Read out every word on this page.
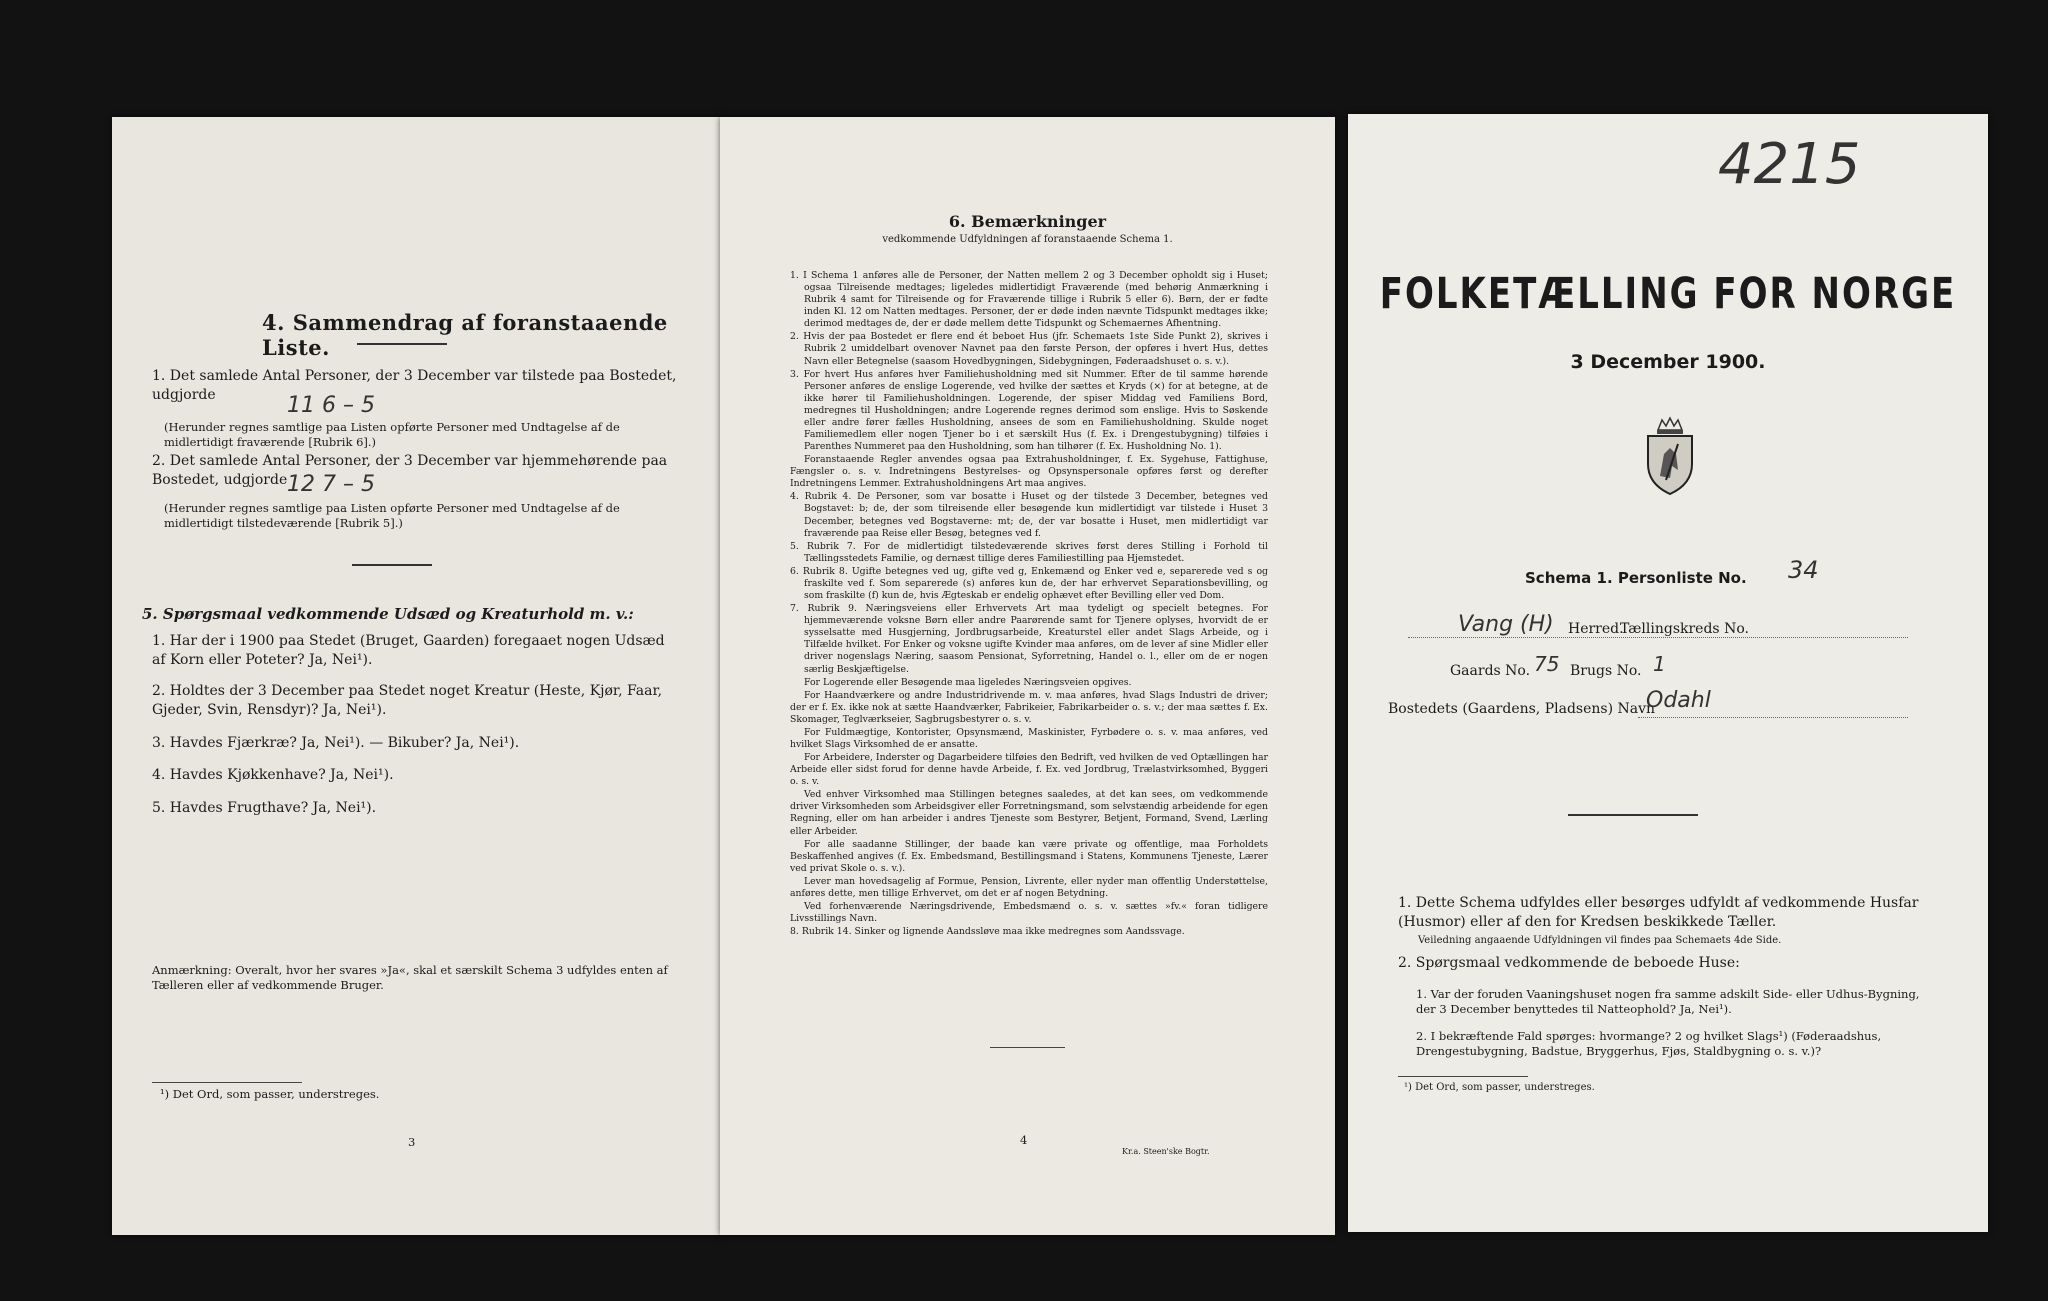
4. Sammendrag af foranstaaende Liste.
1. Det samlede Antal Personer, der 3 December var tilstede paa Bostedet, udgjorde	11 6 – 5
(Herunder regnes samtlige paa Listen opførte Personer med Undtagelse af de midlertidigt fraværende [Rubrik 6].)
2. Det samlede Antal Personer, der 3 December var hjemmehørende paa Bostedet, udgjorde 12 7 – 5
(Herunder regnes samtlige paa Listen opførte Personer med Undtagelse af de midlertidigt tilstedeværende [Rubrik 5].)
5. Spørgsmaal vedkommende Udsæd og Kreaturhold m. v.:
1. Har der i 1900 paa Stedet (Bruget, Gaarden) foregaaet nogen Udsæd af Korn eller Poteter? Ja, Nei¹).
2. Holdtes der 3 December paa Stedet noget Kreatur (Heste, Kjør, Faar, Gjeder, Svin, Rensdyr)? Ja, Nei¹).
3. Havdes Fjærkræ? Ja, Nei¹). — Bikuber? Ja, Nei¹).
4. Havdes Kjøkkenhave? Ja, Nei¹).
5. Havdes Frugthave? Ja, Nei¹).
Anmærkning: Overalt, hvor her svares »Ja«, skal et særskilt Schema 3 udfyldes enten af Tælleren eller af vedkommende Bruger.
¹) Det Ord, som passer, understreges.
3
6. Bemærkninger
vedkommende Udfyldningen af foranstaaende Schema 1.

1. I Schema 1 anføres alle de Personer, der Natten mellem 2 og 3 December opholdt sig i Huset; ogsaa Tilreisende medtages; ligeledes midlertidigt Fraværende (med behørig Anmærkning i Rubrik 4 samt for Tilreisende og for Fraværende tillige i Rubrik 5 eller 6). Børn, der er fødte inden Kl. 12 om Natten medtages. Personer, der er døde inden nævnte Tidspunkt medtages ikke; derimod medtages de, der er døde mellem dette Tidspunkt og Schemaernes Afhentning.

2. Hvis der paa Bostedet er flere end ét beboet Hus (jfr. Schemaets 1ste Side Punkt 2), skrives i Rubrik 2 umiddelbart ovenover Navnet paa den første Person, der opføres i hvert Hus, dettes Navn eller Betegnelse (saasom Hovedbygningen, Sidebygningen, Føderaadshuset o. s. v.).

3. For hvert Hus anføres hver Familiehusholdning med sit Nummer. Efter de til samme hørende Personer anføres de enslige Logerende, ved hvilke der sættes et Kryds (×) for at betegne, at de ikke hører til Familiehusholdningen. Logerende, der spiser Middag ved Familiens Bord, medregnes til Husholdningen; andre Logerende regnes derimod som enslige. Hvis to Søskende eller andre fører fælles Husholdning, ansees de som en Familiehusholdning. Skulde noget Familiemedlem eller nogen Tjener bo i et særskilt Hus (f. Ex. i Drengestubygning) tilføies i Parenthes Nummeret paa den Husholdning, som han tilhører (f. Ex. Husholdning No. 1).

Foranstaaende Regler anvendes ogsaa paa Extrahusholdninger, f. Ex. Sygehuse, Fattighuse, Fængsler o. s. v. Indretningens Bestyrelses- og Opsynspersonale opføres først og derefter Indretningens Lemmer. Extrahusholdningens Art maa angives.

4. Rubrik 4. De Personer, som var bosatte i Huset og der tilstede 3 December, betegnes ved Bogstavet: b; de, der som tilreisende eller besøgende kun midlertidigt var tilstede i Huset 3 December, betegnes ved Bogstaverne: mt; de, der var bosatte i Huset, men midlertidigt var fraværende paa Reise eller Besøg, betegnes ved f.

5. Rubrik 7. For de midlertidigt tilstedeværende skrives først deres Stilling i Forhold til Tællingsstedets Familie, og dernæst tillige deres Familiestilling paa Hjemstedet.

6. Rubrik 8. Ugifte betegnes ved ug, gifte ved g, Enkemænd og Enker ved e, separerede ved s og fraskilte ved f. Som separerede (s) anføres kun de, der har erhvervet Separationsbevilling, og som fraskilte (f) kun de, hvis Ægteskab er endelig ophævet efter Bevilling eller ved Dom.

7. Rubrik 9. Næringsveiens eller Erhvervets Art maa tydeligt og specielt betegnes. For hjemmeværende voksne Børn eller andre Paarørende samt for Tjenere oplyses, hvorvidt de er sysselsatte med Husgjerning, Jordbrugsarbeide, Kreaturstel eller andet Slags Arbeide, og i Tilfælde hvilket. For Enker og voksne ugifte Kvinder maa anføres, om de lever af sine Midler eller driver nogenslags Næring, saasom Pensionat, Syforretning, Handel o. l., eller om de er nogen særlig Beskjæftigelse.

For Logerende eller Besøgende maa ligeledes Næringsveien opgives.

For Haandværkere og andre Industridrivende m. v. maa anføres, hvad Slags Industri de driver; der er f. Ex. ikke nok at sætte Haandværker, Fabrikeier, Fabrikarbeider o. s. v.; der maa sættes f. Ex. Skomager, Teglværkseier, Sagbrugsbestyrer o. s. v.

For Fuldmægtige, Kontorister, Opsynsmænd, Maskinister, Fyrbødere o. s. v. maa anføres, ved hvilket Slags Virksomhed de er ansatte.

For Arbeidere, Inderster og Dagarbeidere tilføies den Bedrift, ved hvilken de ved Optællingen har Arbeide eller sidst forud for denne havde Arbeide, f. Ex. ved Jordbrug, Trælastvirksomhed, Byggeri o. s. v.

Ved enhver Virksomhed maa Stillingen betegnes saaledes, at det kan sees, om vedkommende driver Virksomheden som Arbeidsgiver eller Forretningsmand, som selvstændig arbeidende for egen Regning, eller om han arbeider i andres Tjeneste som Bestyrer, Betjent, Formand, Svend, Lærling eller Arbeider.

For alle saadanne Stillinger, der baade kan være private og offentlige, maa Forholdets Beskaffenhed angives (f. Ex. Embedsmand, Bestillingsmand i Statens, Kommunens Tjeneste, Lærer ved privat Skole o. s. v.).

Lever man hovedsagelig af Formue, Pension, Livrente, eller nyder man offentlig Understøttelse, anføres dette, men tillige Erhvervet, om det er af nogen Betydning.

Ved forhenværende Næringsdrivende, Embedsmænd o. s. v. sættes »fv.« foran tidligere Livsstillings Navn.

8. Rubrik 14. Sinker og lignende Aandssløve maa ikke medregnes som Aandssvage.

4
Kr.a. Steen'ske Bogtr.
4215
FOLKETÆLLING FOR NORGE
3 December 1900.
Schema 1. Personliste No. 34
Vang (H) Herred.
Tællingskreds No.
Gaards No. 75 Brugs No. 1
Bostedets (Gaardens, Pladsens) Navn
Odahl
1. Dette Schema udfyldes eller besørges udfyldt af vedkommende Husfar (Husmor) eller af den for Kredsen beskikkede Tæller.
Veiledning angaaende Udfyldningen vil findes paa Schemaets 4de Side.
2. Spørgsmaal vedkommende de beboede Huse:
1. Var der foruden Vaaningshuset nogen fra samme adskilt Side- eller Udhus-Bygning, der 3 December benyttedes til Natteophold? Ja, Nei¹).
2. I bekræftende Fald spørges: hvormange? 2 og hvilket Slags¹) (Føderaadshus, Drengestubygning, Badstue, Bryggerhus, Fjøs, Staldbygning o. s. v.)?
¹) Det Ord, som passer, understreges.
